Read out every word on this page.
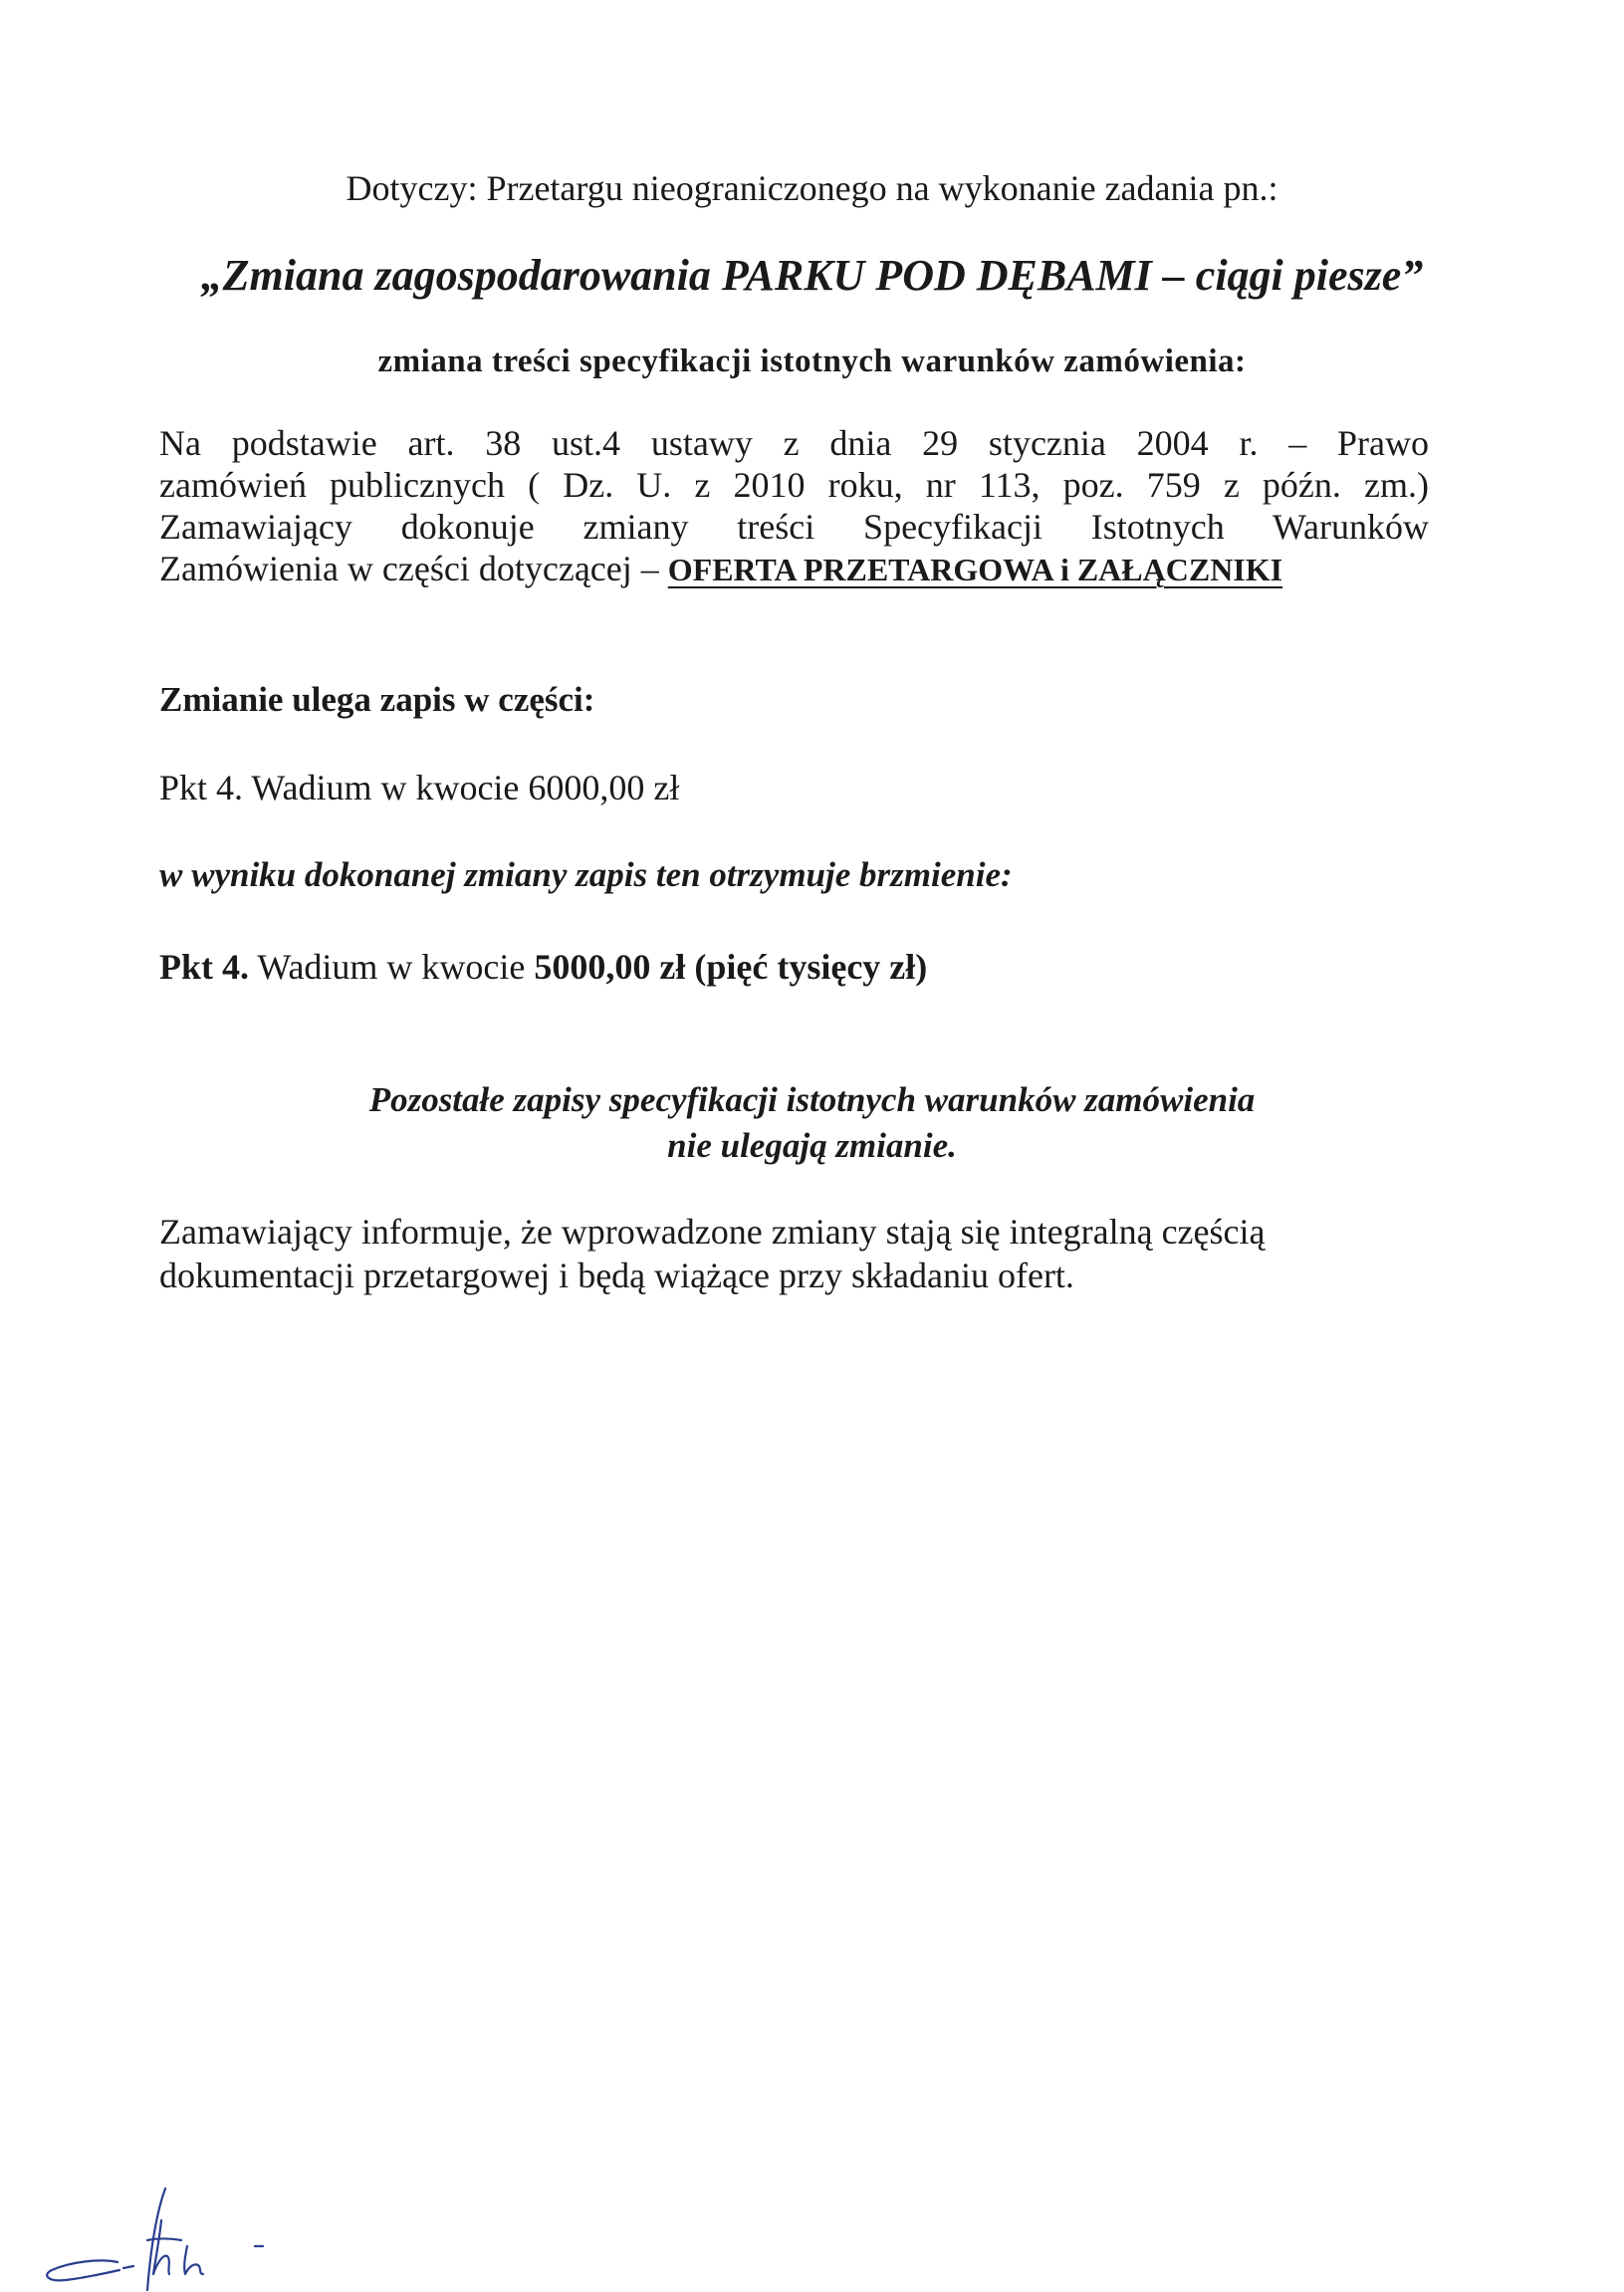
Dotyczy: Przetargu nieograniczonego na wykonanie zadania pn.:
„Zmiana zagospodarowania PARKU POD DĘBAMI – ciągi piesze”
zmiana treści specyfikacji istotnych warunków zamówienia:
Na podstawie art. 38 ust.4 ustawy z dnia 29 stycznia 2004 r. – Prawo
zamówień publicznych ( Dz. U. z 2010 roku, nr 113, poz. 759 z późn. zm.)
Zamawiający dokonuje zmiany treści Specyfikacji Istotnych Warunków
Zamówienia w części dotyczącej – OFERTA PRZETARGOWA i ZAŁĄCZNIKI
Zmianie ulega zapis w części:
Pkt 4. Wadium w kwocie 6000,00 zł
w wyniku dokonanej zmiany zapis ten otrzymuje brzmienie:
Pkt 4. Wadium w kwocie 5000,00 zł (pięć tysięcy zł)
Pozostałe zapisy specyfikacji istotnych warunków zamówienia
nie ulegają zmianie.
Zamawiający informuje, że wprowadzone zmiany stają się integralną częścią
dokumentacji przetargowej i będą wiążące przy składaniu ofert.
